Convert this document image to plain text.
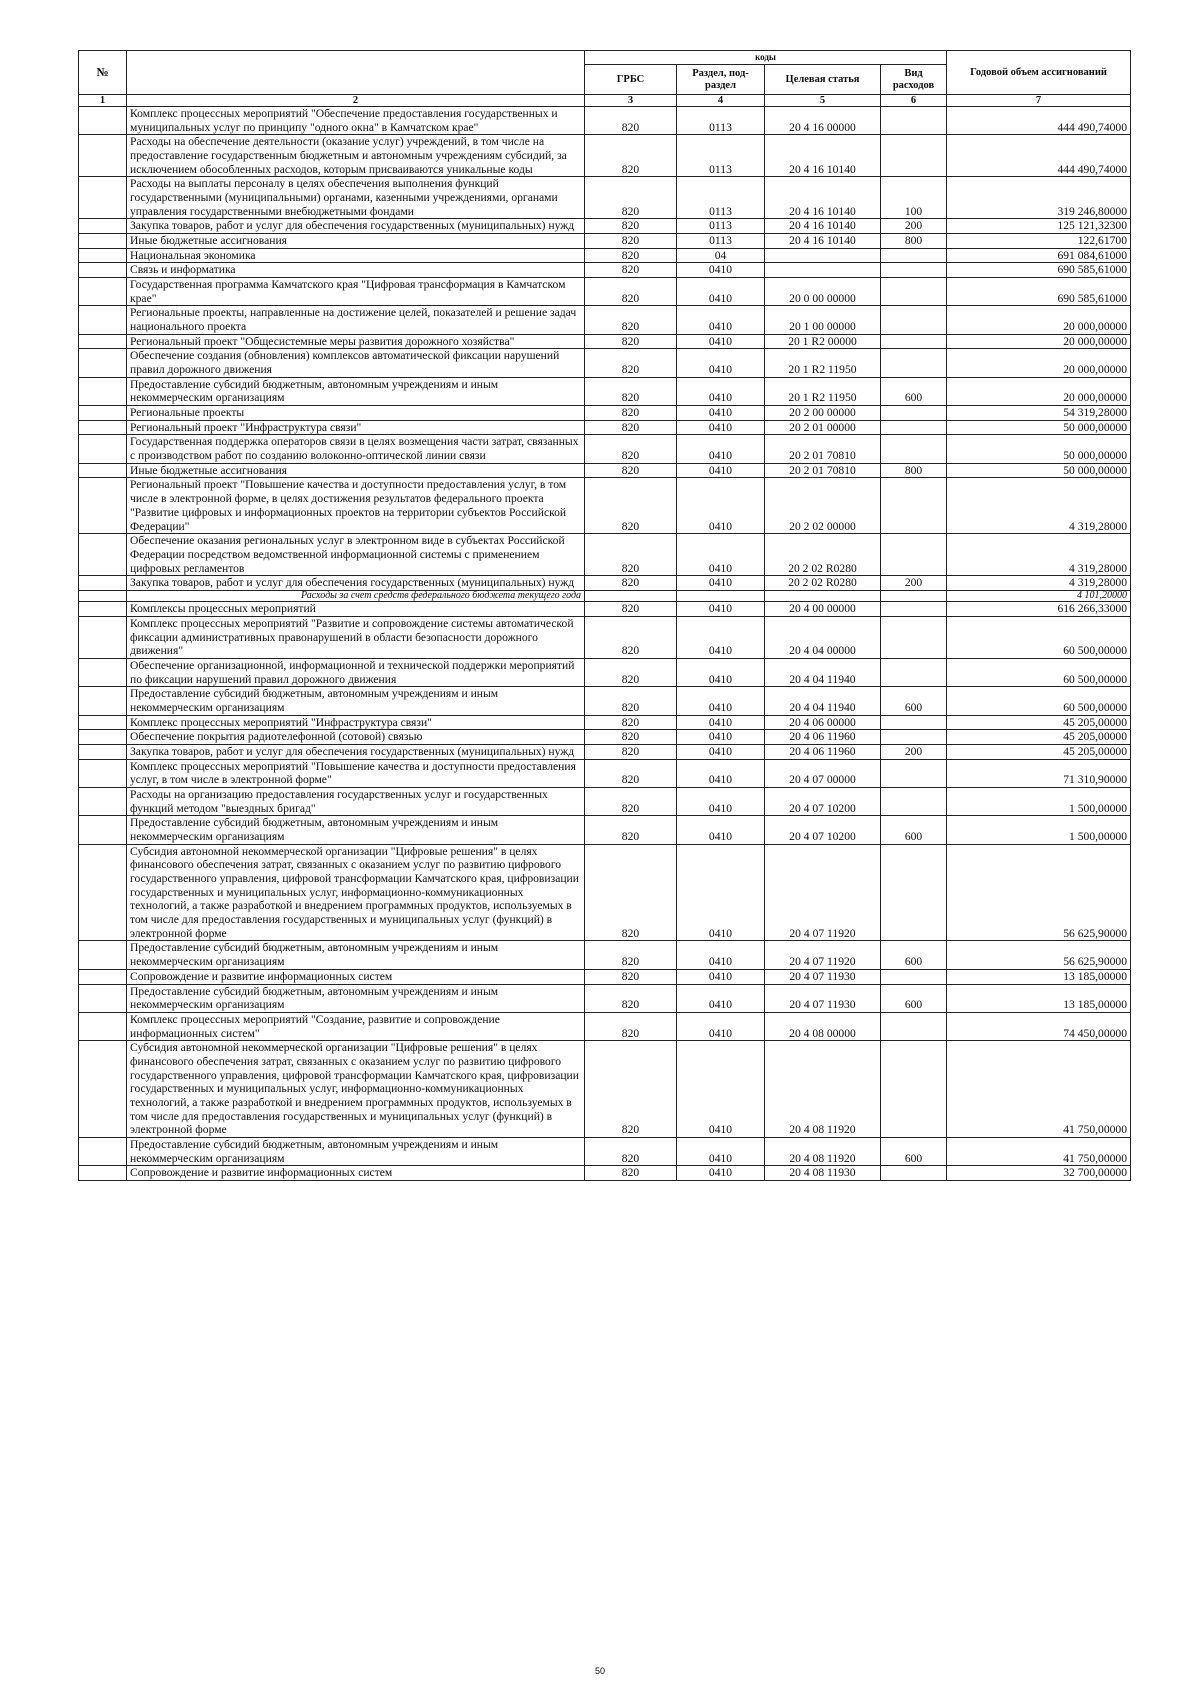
№		коды				Годовой объем ассигнований
		ГРБС	Раздел, под-раздел	Целевая статья	Вид расходов	

1	2	3	4	5	6	7
	Комплекс процессных мероприятий "Обеспечение предоставления государственных и муниципальных услуг по принципу "одного окна" в Камчатском крае"	820	0113	20 4 16 00000		444 490,74000
	Расходы на обеспечение деятельности (оказание услуг) учреждений, в том числе на предоставление государственным бюджетным и автономным учреждениям субсидий, за исключением обособленных расходов, которым присваиваются уникальные коды	820	0113	20 4 16 10140		444 490,74000
	Расходы на выплаты персоналу в целях обеспечения выполнения функций государственными (муниципальными) органами, казенными учреждениями, органами управления государственными внебюджетными фондами	820	0113	20 4 16 10140	100	319 246,80000
	Закупка товаров, работ и услуг для обеспечения государственных (муниципальных) нужд	820	0113	20 4 16 10140	200	125 121,32300
	Иные бюджетные ассигнования	820	0113	20 4 16 10140	800	122,61700
	Национальная экономика	820	04			691 084,61000
	Связь и информатика	820	0410			690 585,61000
	Государственная программа Камчатского края "Цифровая трансформация в Камчатском крае"	820	0410	20 0 00 00000		690 585,61000
	Региональные проекты, направленные на достижение целей, показателей и решение задач национального проекта	820	0410	20 1 00 00000		20 000,00000
	Региональный проект "Общесистемные меры развития дорожного хозяйства"	820	0410	20 1 R2 00000		20 000,00000
	Обеспечение создания (обновления) комплексов автоматической фиксации нарушений правил дорожного движения	820	0410	20 1 R2 11950		20 000,00000
	Предоставление субсидий бюджетным, автономным учреждениям и иным некоммерческим организациям	820	0410	20 1 R2 11950	600	20 000,00000
	Региональные проекты	820	0410	20 2 00 00000		54 319,28000
	Региональный проект "Инфраструктура связи"	820	0410	20 2 01 00000		50 000,00000
	Государственная поддержка операторов связи в целях возмещения части затрат, связанных с производством работ по созданию волоконно-оптической линии связи	820	0410	20 2 01 70810		50 000,00000
	Иные бюджетные ассигнования	820	0410	20 2 01 70810	800	50 000,00000
	Региональный проект "Повышение качества и доступности предоставления услуг, в том числе в электронной форме, в целях достижения результатов федерального проекта "Развитие цифровых и информационных проектов на территории субъектов Российской Федерации"	820	0410	20 2 02 00000		4 319,28000
	Обеспечение оказания региональных услуг в электронном виде в субъектах Российской Федерации посредством ведомственной информационной системы с применением цифровых регламентов	820	0410	20 2 02 R0280		4 319,28000
	Закупка товаров, работ и услуг для обеспечения государственных (муниципальных) нужд	820	0410	20 2 02 R0280	200	4 319,28000
	Расходы за счет средств федерального бюджета текущего года					4 101,20000
	Комплексы процессных мероприятий	820	0410	20 4 00 00000		616 266,33000
	Комплекс процессных мероприятий "Развитие и сопровождение системы автоматической фиксации административных правонарушений в области безопасности дорожного движения"	820	0410	20 4 04 00000		60 500,00000
	Обеспечение организационной, информационной и технической поддержки мероприятий по фиксации нарушений правил дорожного движения	820	0410	20 4 04 11940		60 500,00000
	Предоставление субсидий бюджетным, автономным учреждениям и иным некоммерческим организациям	820	0410	20 4 04 11940	600	60 500,00000
	Комплекс процессных мероприятий "Инфраструктура связи"	820	0410	20 4 06 00000		45 205,00000
	Обеспечение покрытия радиотелефонной (сотовой) связью	820	0410	20 4 06 11960		45 205,00000
	Закупка товаров, работ и услуг для обеспечения государственных (муниципальных) нужд	820	0410	20 4 06 11960	200	45 205,00000
	Комплекс процессных мероприятий "Повышение качества и доступности предоставления услуг, в том числе в электронной форме"	820	0410	20 4 07 00000		71 310,90000
	Расходы на организацию предоставления государственных услуг и государственных функций методом "выездных бригад"	820	0410	20 4 07 10200		1 500,00000
	Предоставление субсидий бюджетным, автономным учреждениям и иным некоммерческим организациям	820	0410	20 4 07 10200	600	1 500,00000
	Субсидия автономной некоммерческой организации "Цифровые решения" в целях финансового обеспечения затрат, связанных с оказанием услуг по развитию цифрового государственного управления, цифровой трансформации Камчатского края, цифровизации государственных и муниципальных услуг, информационно-коммуникационных технологий, а также разработкой и внедрением программных продуктов, используемых в том числе для предоставления государственных и муниципальных услуг (функций) в электронной форме	820	0410	20 4 07 11920		56 625,90000
	Предоставление субсидий бюджетным, автономным учреждениям и иным некоммерческим организациям	820	0410	20 4 07 11920	600	56 625,90000
	Сопровождение и развитие информационных систем	820	0410	20 4 07 11930		13 185,00000
	Предоставление субсидий бюджетным, автономным учреждениям и иным некоммерческим организациям	820	0410	20 4 07 11930	600	13 185,00000
	Комплекс процессных мероприятий "Создание, развитие и сопровождение информационных систем"	820	0410	20 4 08 00000		74 450,00000
	Субсидия автономной некоммерческой организации "Цифровые решения" в целях финансового обеспечения затрат, связанных с оказанием услуг по развитию цифрового государственного управления, цифровой трансформации Камчатского края, цифровизации государственных и муниципальных услуг, информационно-коммуникационных технологий, а также разработкой и внедрением программных продуктов, используемых в том числе для предоставления государственных и муниципальных услуг (функций) в электронной форме	820	0410	20 4 08 11920		41 750,00000
	Предоставление субсидий бюджетным, автономным учреждениям и иным некоммерческим организациям	820	0410	20 4 08 11920	600	41 750,00000
	Сопровождение и развитие информационных систем	820	0410	20 4 08 11930		32 700,00000
50
